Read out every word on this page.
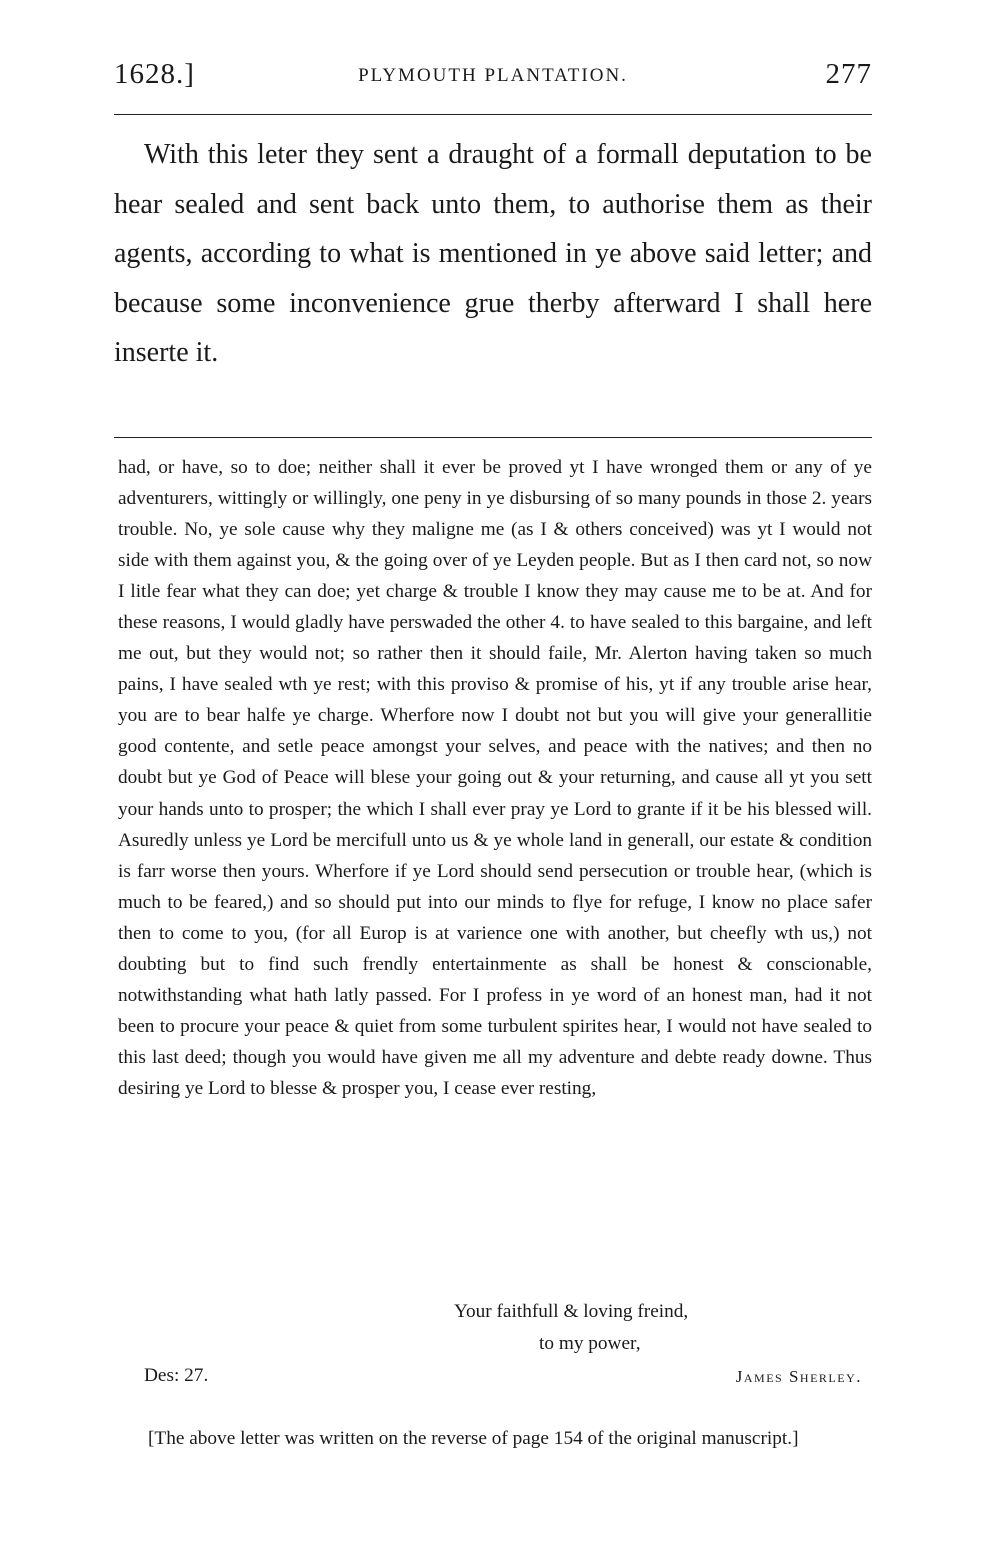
1628.]	PLYMOUTH PLANTATION.	277

With this leter they sent a draught of a formall deputation to be hear sealed and sent back unto them, to authorise them as their agents, according to what is mentioned in ye above said letter; and because some inconvenience grue therby afterward I shall here inserte it.

had, or have, so to doe; neither shall it ever be proved yt I have wronged them or any of ye adventurers, wittingly or willingly, one peny in ye disbursing of so many pounds in those 2. years trouble. No, ye sole cause why they maligne me (as I & others conceived) was yt I would not side with them against you, & the going over of ye Leyden people. But as I then card not, so now I litle fear what they can doe; yet charge & trouble I know they may cause me to be at. And for these reasons, I would gladly have perswaded the other 4. to have sealed to this bargaine, and left me out, but they would not; so rather then it should faile, Mr. Alerton having taken so much pains, I have sealed wth ye rest; with this proviso & promise of his, yt if any trouble arise hear, you are to bear halfe ye charge. Wherfore now I doubt not but you will give your generallitie good contente, and setle peace amongst your selves, and peace with the natives; and then no doubt but ye God of Peace will blese your going out & your returning, and cause all yt you sett your hands unto to prosper; the which I shall ever pray ye Lord to grante if it be his blessed will. Asuredly unless ye Lord be mercifull unto us & ye whole land in generall, our estate & condition is farr worse then yours. Wherfore if ye Lord should send persecution or trouble hear, (which is much to be feared,) and so should put into our minds to flye for refuge, I know no place safer then to come to you, (for all Europ is at varience one with another, but cheefly wth us,) not doubting but to find such frendly entertainmente as shall be honest & conscionable, notwithstanding what hath latly passed. For I profess in ye word of an honest man, had it not been to procure your peace & quiet from some turbulent spirites hear, I would not have sealed to this last deed; though you would have given me all my adventure and debte ready downe. Thus desiring ye Lord to blesse & prosper you, I cease ever resting,

Your faithfull & loving freind,
to my power,
Des: 27.	James Sherley.

[The above letter was written on the reverse of page 154 of the original manuscript.]
